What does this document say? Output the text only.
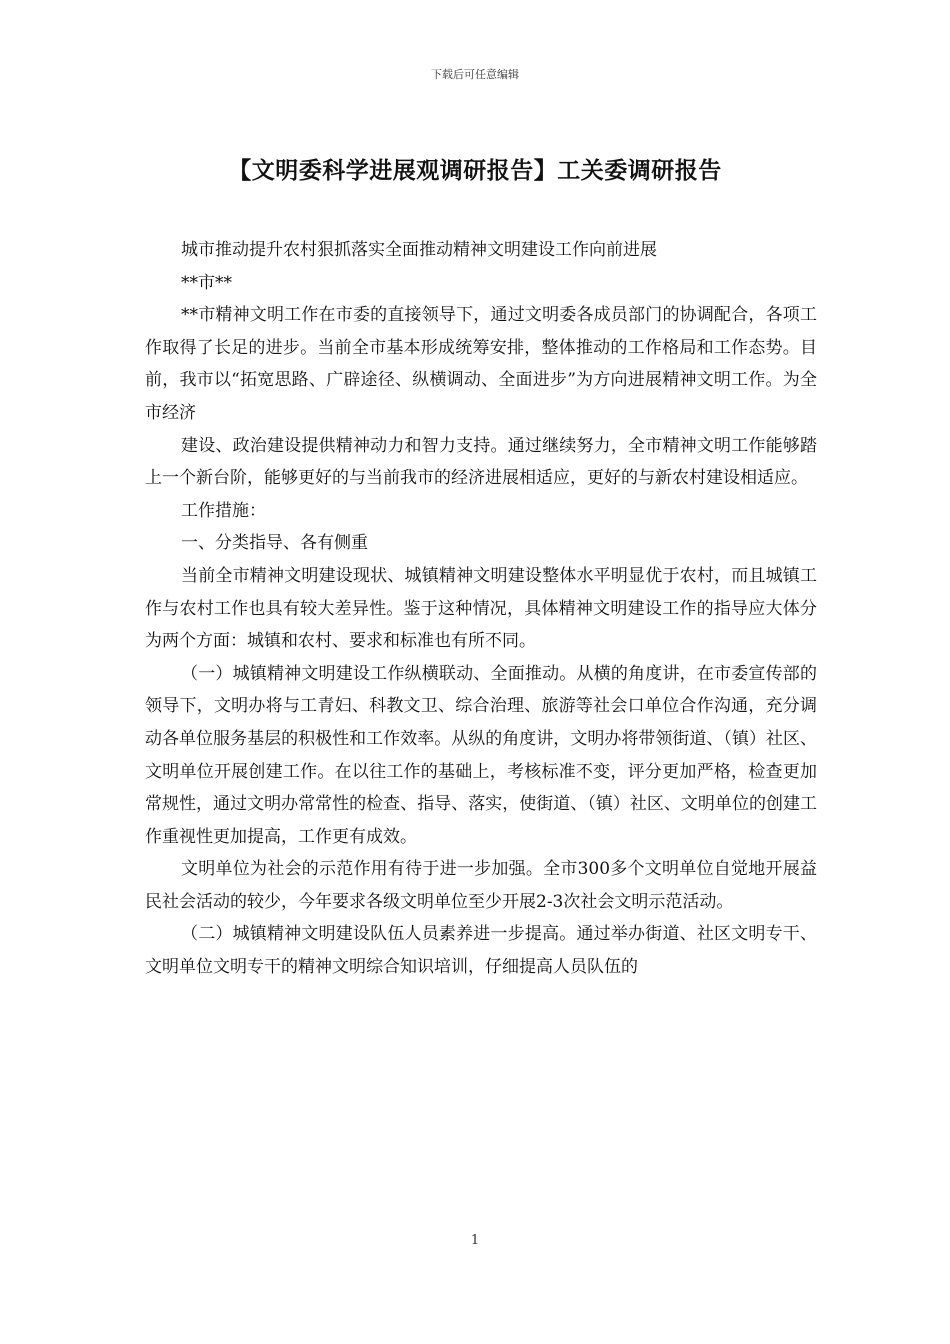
下载后可任意编辑
【文明委科学进展观调研报告】工关委调研报告

城市推动提升农村狠抓落实全面推动精神文明建设工作向前进展

**市**

**市精神文明工作在市委的直接领导下，通过文明委各成员部门的协调配合，各项工作取得了长足的进步。当前全市基本形成统筹安排，整体推动的工作格局和工作态势。目前，我市以“拓宽思路、广辟途径、纵横调动、全面进步”为方向进展精神文明工作。为全市经济

建设、政治建设提供精神动力和智力支持。通过继续努力，全市精神文明工作能够踏上一个新台阶，能够更好的与当前我市的经济进展相适应，更好的与新农村建设相适应。

工作措施：

一、分类指导、各有侧重

当前全市精神文明建设现状、城镇精神文明建设整体水平明显优于农村，而且城镇工作与农村工作也具有较大差异性。鉴于这种情况，具体精神文明建设工作的指导应大体分为两个方面：城镇和农村、要求和标准也有所不同。

（一）城镇精神文明建设工作纵横联动、全面推动。从横的角度讲，在市委宣传部的领导下，文明办将与工青妇、科教文卫、综合治理、旅游等社会口单位合作沟通，充分调动各单位服务基层的积极性和工作效率。从纵的角度讲，文明办将带领街道、（镇）社区、文明单位开展创建工作。在以往工作的基础上，考核标准不变，评分更加严格，检查更加常规性，通过文明办常常性的检查、指导、落实，使街道、（镇）社区、文明单位的创建工作重视性更加提高，工作更有成效。

文明单位为社会的示范作用有待于进一步加强。全市300多个文明单位自觉地开展益民社会活动的较少，今年要求各级文明单位至少开展2-3次社会文明示范活动。

（二）城镇精神文明建设队伍人员素养进一步提高。通过举办街道、社区文明专干、文明单位文明专干的精神文明综合知识培训，仔细提高人员队伍的

1
